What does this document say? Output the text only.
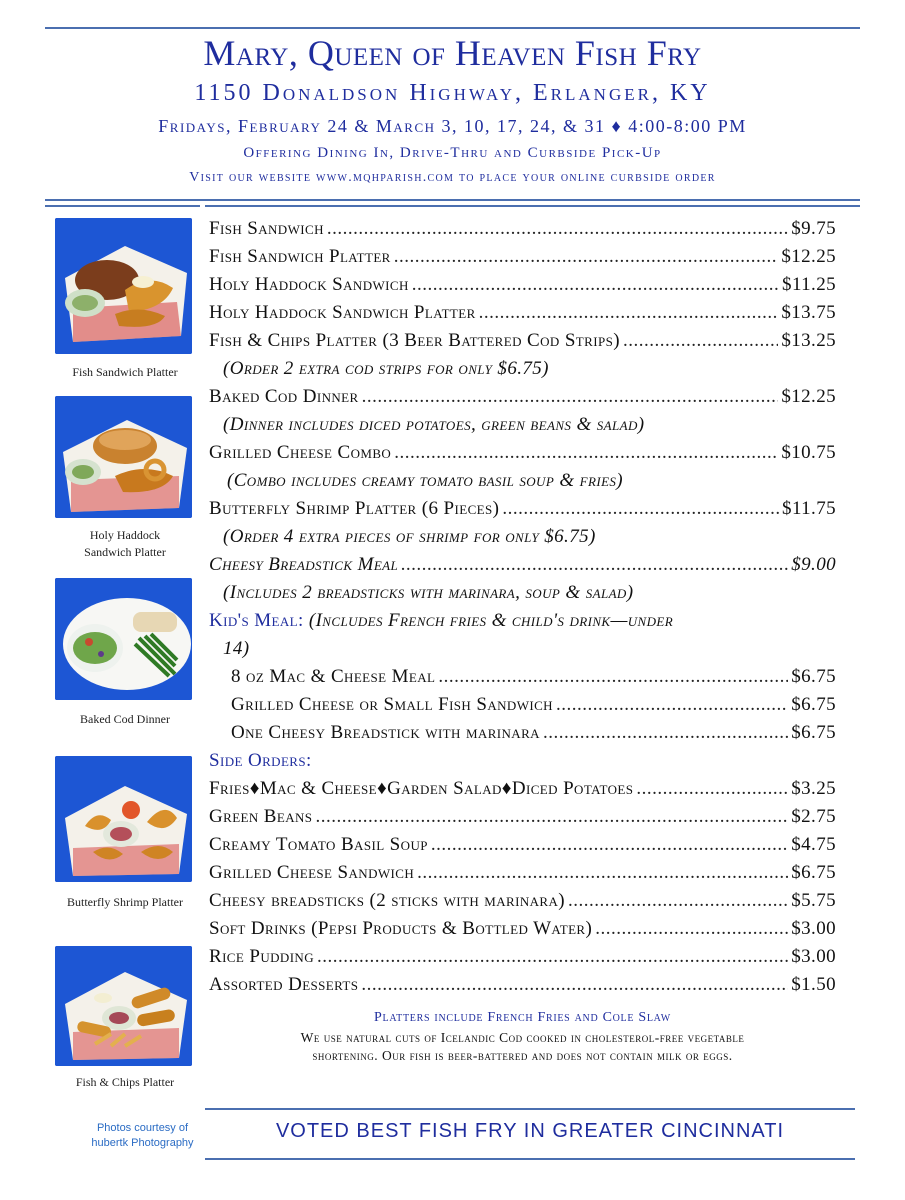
Mary, Queen of Heaven Fish Fry
1150 Donaldson Highway, Erlanger, KY
Fridays, February 24 & March 3, 10, 17, 24, & 31 ♦ 4:00-8:00 PM
Offering Dining In, Drive-Thru and Curbside Pick-Up
Visit our website www.mqhparish.com to place your online curbside order
Fish Sandwich Platter
Holy Haddock Sandwich Platter
Baked Cod Dinner
Butterfly Shrimp Platter
Fish & Chips Platter
Fish Sandwich .....	$9.75
Fish Sandwich Platter .....	$12.25
Holy Haddock Sandwich .....	$11.25
Holy Haddock Sandwich Platter .....	$13.75
Fish & Chips Platter (3 Beer Battered Cod Strips) .....	$13.25
(Order 2 extra cod strips for only $6.75)
Baked Cod Dinner .....	$12.25
(Dinner includes diced potatoes, green beans & salad)
Grilled Cheese Combo .....	$10.75
(Combo includes creamy tomato basil soup & fries)
Butterfly Shrimp Platter (6 Pieces) .....	$11.75
(Order 4 extra pieces of shrimp for only $6.75)
Cheesy Breadstick Meal .....	$9.00
(Includes 2 breadsticks with marinara, soup & salad)
Kid's Meal: (Includes French fries & child's drink—under
14)
8 oz Mac & Cheese Meal .....	$6.75
Grilled Cheese or Small Fish Sandwich .....	$6.75
One Cheesy Breadstick with marinara .....	$6.75
Side Orders:
Fries♦Mac & Cheese♦Garden Salad♦Diced Potatoes .....	$3.25
Green Beans .....	$2.75
Creamy Tomato Basil Soup .....	$4.75
Grilled Cheese Sandwich .....	$6.75
Cheesy breadsticks (2 sticks with marinara) .....	$5.75
Soft Drinks (Pepsi Products & Bottled Water) .....	$3.00
Rice Pudding .....	$3.00
Assorted Desserts .....	$1.50
Platters include French Fries and Cole Slaw
We use natural cuts of Icelandic Cod cooked in cholesterol-free vegetable
shortening. Our fish is beer-battered and does not contain milk or eggs.
Photos courtesy of
hubertk Photography
VOTED BEST FISH FRY IN GREATER CINCINNATI
